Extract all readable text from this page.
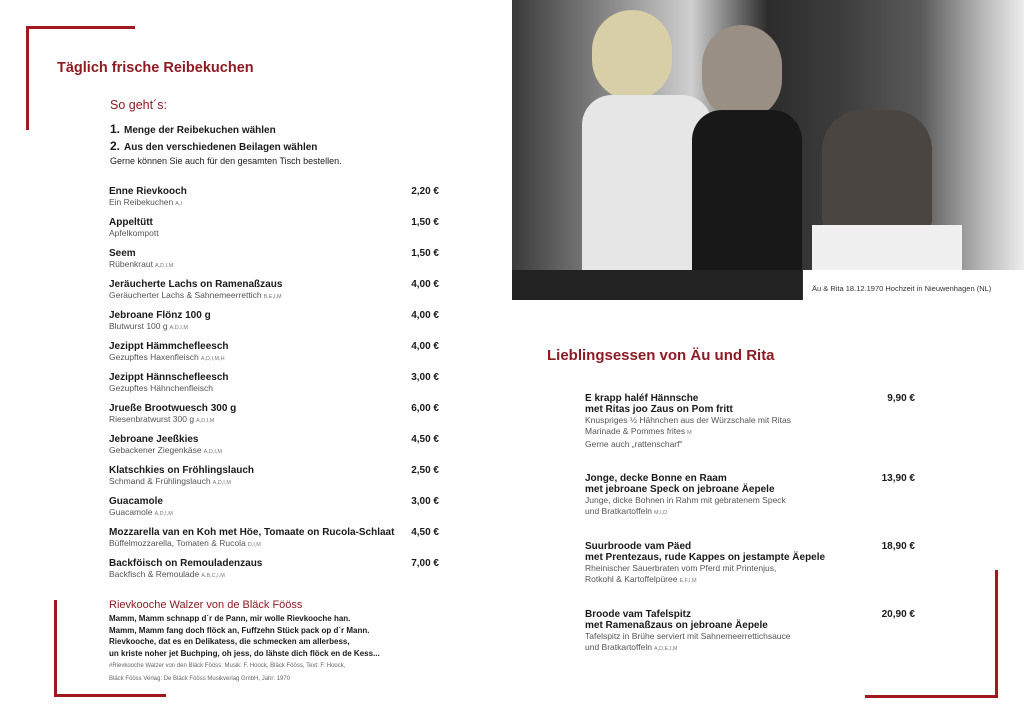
Täglich frische Reibekuchen
So geht´s:
1. Menge der Reibekuchen wählen
2. Aus den verschiedenen Beilagen wählen
Gerne können Sie auch für den gesamten Tisch bestellen.
Enne Rievkooch
Ein Reibekuchen A,I
2,20 €
Appeltütt
Apfelkompott
1,50 €
Seem
Rübenkraut A,D,I,M
1,50 €
Jeräucherte Lachs on Ramenaßzaus
Geräucherter Lachs & Sahnemeerrettich B,E,I,M
4,00 €
Jebroane Flönz 100 g
Blutwurst 100 g A,D,I,M
4,00 €
Jezippt Hämmchefleesch
Gezupftes Haxenfleisch A,D,I,M,H
4,00 €
Jezippt Hännschefleesch
Gezupftes Hähnchenfleisch
3,00 €
Jrueße Brootwuesch 300 g
Riesenbratwurst 300 g A,D,I,M
6,00 €
Jebroane Jeeßkies
Gebackener Ziegenkäse A,D,I,M
4,50 €
Klatschkies on Fröhlingslauch
Schmand & Frühlingslauch A,D,I,M
2,50 €
Guacamole
Guacamole A,D,I,M
3,00 €
Mozzarella van en Koh met Höe, Tomaate on Rucola-Schlaat
Büffelmozzarella, Tomaten & Rucola D,I,M
4,50 €
Backföisch on Remouladenzaus
Backfisch & Remoulade A,B,C,I,M
7,00 €
Rievkooche Walzer von de Bläck Fööss
Mamm, Mamm schnapp d´r de Pann, mir wolle Rievkooche han.
Mamm, Mamm fang doch flöck an, Fuffzehn Stück pack op d´r Mann.
Rievkooche, dat es en Delikatess, die schmecken am allerbess,
un kriste noher jet Buchping, oh jess, do lähste dich flöck en de Kess...
#Rievkooche Walzer von den Bläck Fööss: Musik: F. Hoock, Bläck Fööss, Text: F. Hoock,
Bläck Fööss Verlag: De Bläck Fööss Musikverlag GmbH, Jahr: 1970
Äu & Rita 18.12.1970 Hochzeit in Nieuwenhagen (NL)
Lieblingsessen von Äu und Rita
E krapp haléf Hännsche
met Ritas joo Zaus on Pom fritt
Knuspriges ½ Hähnchen aus der Würzschale mit Ritas
Marinade & Pommes frites M
Gerne auch „rattenscharf“
9,90 €
Jonge, decke Bonne en Raam
met jebroane Speck on jebroane Äepele
Junge, dicke Bohnen in Rahm mit gebratenem Speck
und Bratkartoffeln M,I,D
13,90 €
Suurbroode vam Päed
met Prentezaus, rude Kappes on jestampte Äepele
Rheinischer Sauerbraten vom Pferd mit Printenjus,
Rotkohl & Kartoffelpüree E,F,I,M
18,90 €
Broode vam Tafelspitz
met Ramenaßzaus on jebroane Äepele
Tafelspitz in Brühe serviert mit Sahnemeerrettichsauce
und Bratkartoffeln A,D,E,I,M
20,90 €
